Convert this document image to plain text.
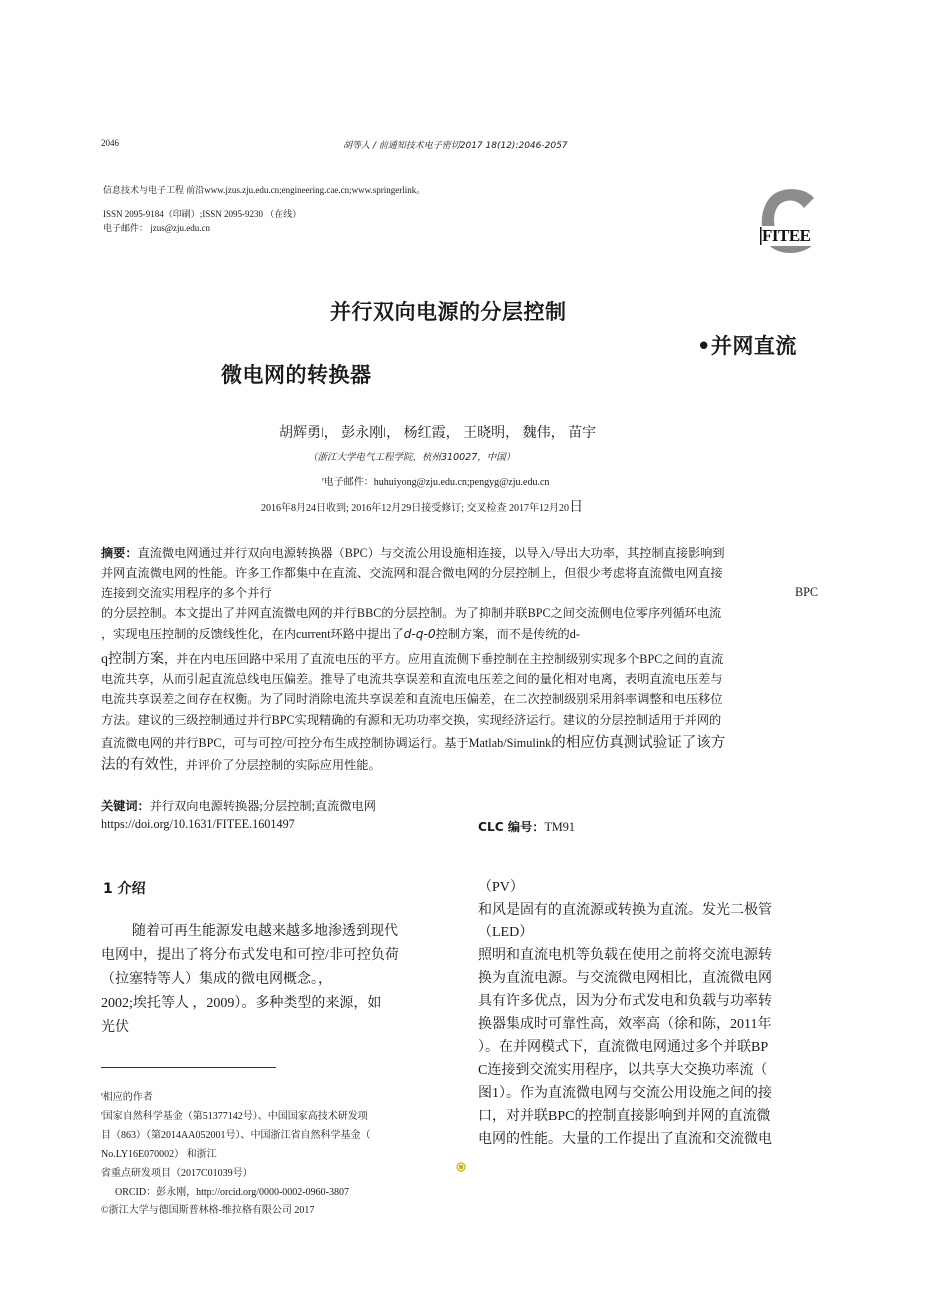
2046	胡等人 / 前通知技术电子密切2017 18(12):2046-2057
信息技术与电子工程 前沿www.jzus.zju.edu.cn;engineering.cae.cn;www.springerlink。
ISSN 2095-9184（印刷）;ISSN 2095-9230 （在线）
电子邮件： jzus@zju.edu.cn	FITEE
并行双向电源的分层控制
•并网直流
微电网的转换器
胡辉勇ǀ， 彭永刚ǀ， 杨红霞， 王晓明， 魏伟， 苗宇
（浙江大学电气工程学院，杭州310027，中国）
ꞌ电子邮件：huhuiyong@zju.edu.cn;pengyg@zju.edu.cn
2016年8月24日收到; 2016年12月29日接受修订; 交叉检查 2017年12月20日
摘要：直流微电网通过并行双向电源转换器（BPC）与交流公用设施相连接，以导入/导出大功率，其控制直接影响到
并网直流微电网的性能。许多工作都集中在直流、交流网和混合微电网的分层控制上，但很少考虑将直流微电网直接
连接到交流实用程序的多个并行	BPC
的分层控制。本文提出了并网直流微电网的并行BBC的分层控制。为了抑制并联BPC之间交流侧电位零序列循环电流
，实现电压控制的反馈线性化，在内current环路中提出了d-q-0控制方案，而不是传统的d-
q控制方案，并在内电压回路中采用了直流电压的平方。应用直流侧下垂控制在主控制级别实现多个BPC之间的直流
电流共享，从而引起直流总线电压偏差。推导了电流共享误差和直流电压差之间的量化相对电离，表明直流电压差与
电流共享误差之间存在权衡。为了同时消除电流共享误差和直流电压偏差，在二次控制级别采用斜率调整和电压移位
方法。建议的三级控制通过并行BPC实现精确的有源和无功功率交换，实现经济运行。建议的分层控制适用于并网的
直流微电网的并行BPC，可与可控/可控分布生成控制协调运行。基于Matlab/Simulink的相应仿真测试验证了该方
法的有效性，并评价了分层控制的实际应用性能。
关键词：并行双向电源转换器;分层控制;直流微电网
https://doi.org/10.1631/FITEE.1601497	CLC 编号：TM91
1 介绍
随着可再生能源发电越来越多地渗透到现代
电网中，提出了将分布式发电和可控/非可控负荷
（拉塞特等人）集成的微电网概念。，
2002;埃托等人 ，2009）。多种类型的来源，如
光伏
（PV）
和风是固有的直流源或转换为直流。发光二极管
（LED）
照明和直流电机等负载在使用之前将交流电源转
换为直流电源。与交流微电网相比，直流微电网
具有许多优点，因为分布式发电和负载与功率转
换器集成时可靠性高，效率高（徐和陈，2011年
）。在并网模式下，直流微电网通过多个并联BP
C连接到交流实用程序，以共享大交换功率流（
图1）。作为直流微电网与交流公用设施之间的接
口，对并联BPC的控制直接影响到并网的直流微
电网的性能。大量的工作提出了直流和交流微电
ꞌ相应的作者
ꞌ国家自然科学基金（第51377142号）、中国国家高技术研发项
目（863）（第2014AA052001号）、中国浙江省自然科学基金（
No.LY16E070002） 和浙江
省重点研发项目（2017C01039号）
ORCID：彭永刚，http://orcid.org/0000-0002-0960-3807
©浙江大学与德国斯普林格-维拉格有限公司 2017
